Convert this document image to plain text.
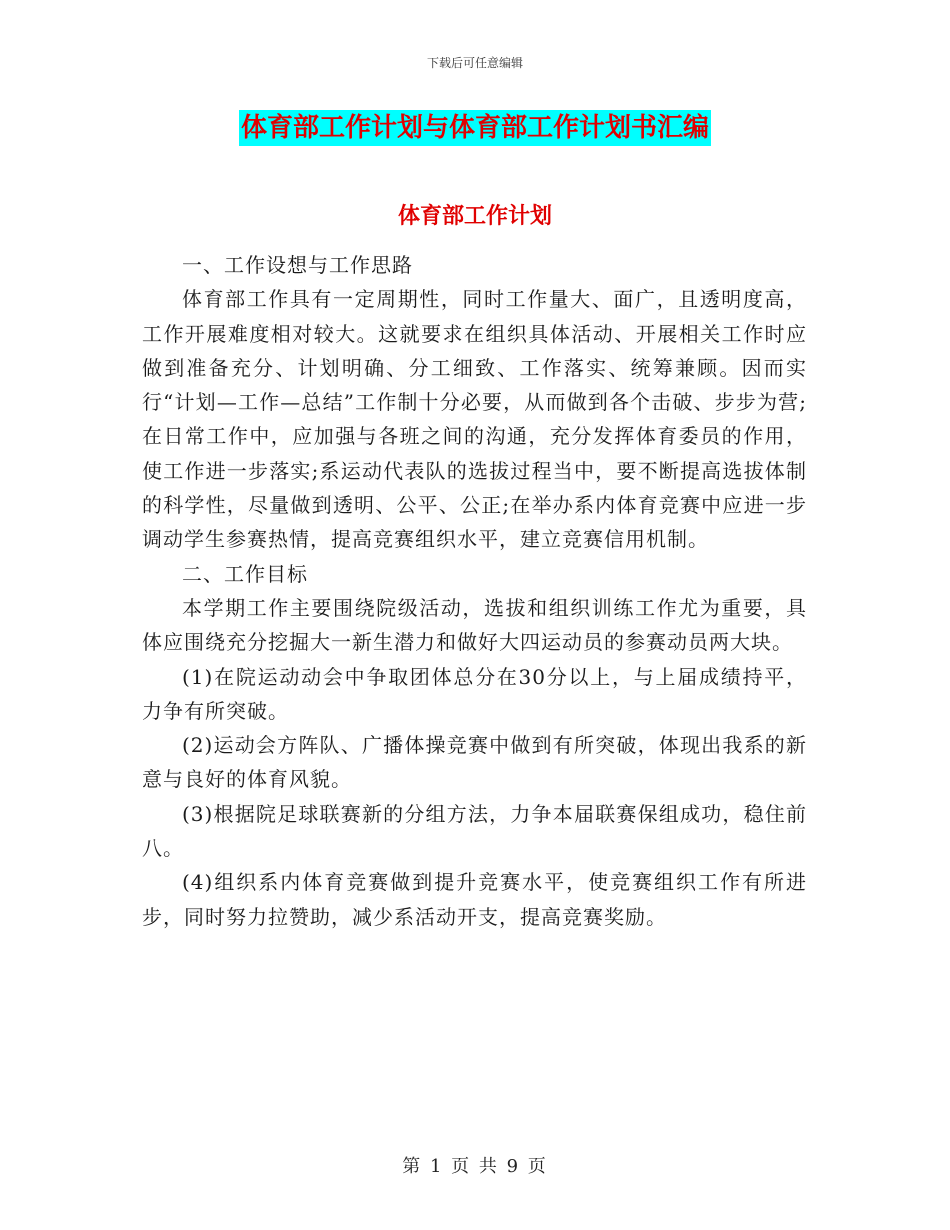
下载后可任意编辑
体育部工作计划与体育部工作计划书汇编
体育部工作计划

一、工作设想与工作思路

体育部工作具有一定周期性，同时工作量大、面广，且透明度高，工作开展难度相对较大。这就要求在组织具体活动、开展相关工作时应做到准备充分、计划明确、分工细致、工作落实、统筹兼顾。因而实行“计划—工作—总结”工作制十分必要，从而做到各个击破、步步为营;在日常工作中，应加强与各班之间的沟通，充分发挥体育委员的作用，使工作进一步落实;系运动代表队的选拔过程当中，要不断提高选拔体制的科学性，尽量做到透明、公平、公正;在举办系内体育竞赛中应进一步调动学生参赛热情，提高竞赛组织水平，建立竞赛信用机制。

二、工作目标

本学期工作主要围绕院级活动，选拔和组织训练工作尤为重要，具体应围绕充分挖掘大一新生潜力和做好大四运动员的参赛动员两大块。

(1)在院运动动会中争取团体总分在30分以上，与上届成绩持平，力争有所突破。

(2)运动会方阵队、广播体操竞赛中做到有所突破，体现出我系的新意与良好的体育风貌。

(3)根据院足球联赛新的分组方法，力争本届联赛保组成功，稳住前八。

(4)组织系内体育竞赛做到提升竞赛水平，使竞赛组织工作有所进步，同时努力拉赞助，减少系活动开支，提高竞赛奖励。

第 1 页 共 9 页
